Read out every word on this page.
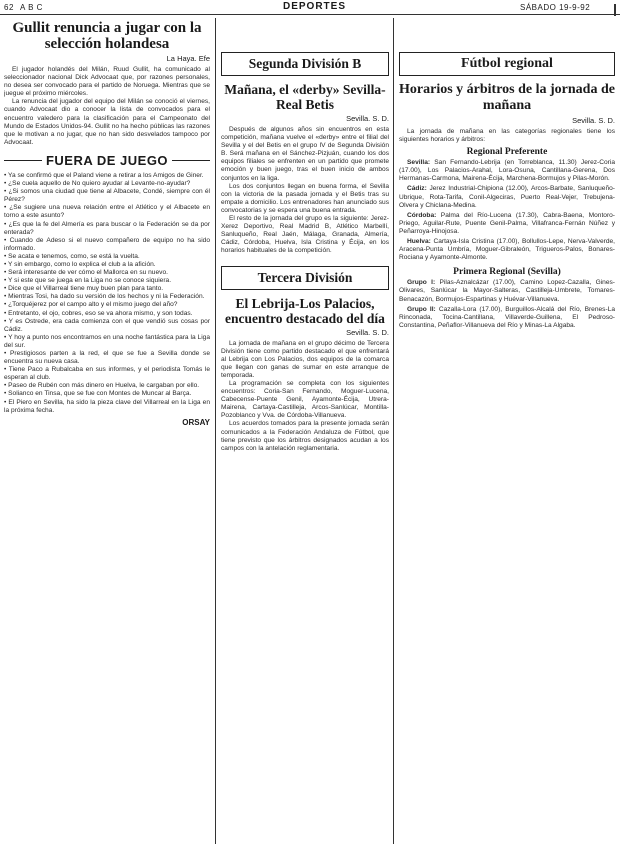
62 A B C	DEPORTES	SÁBADO 19-9-92
Gullit renuncia a jugar con la selección holandesa
La Haya. Efe

El jugador holandés del Milán, Ruud Gullit, ha comunicado al seleccionador nacional Dick Advocaat que, por razones personales, no desea ser convocado para el partido de Noruega. Mientras que se juegue el próximo miércoles.

La renuncia del jugador del equipo del Milán se conoció el viernes, cuando Advocaat dio a conocer la lista de convocados para el encuentro valedero para la clasificación para el Campeonato del Mundo de Estados Unidos-94. Gullit no ha hecho públicas las razones que le motivan a no jugar, que no han sido desvelados tampoco por Advocaat.

FUERA DE JUEGO

• Ya se confirmó que el Paland viene a retirar a los Amigos de Giner.

• ¿Se cuela aquello de No quiero ayudar al Levante-no-ayudar?

• ¿Si somos una ciudad que tiene al Albacete, Condé, siempre con él Pérez?

• ¿Se sugiere una nueva relación entre el Atlético y el Albacete en torno a este asunto?

• ¿Es que la fe del Almería es para buscar o la Federación se da por enterada?

• Cuando de Adeso si el nuevo compañero de equipo no ha sido informado.

• Se acata e tenemos, como, se está la vuelta.

• Y sin embargo, como lo explica el club a la afición.

• Será interesante de ver cómo el Mallorca en su nuevo.

• Y si este que se juega en la Liga no se conoce siquiera.

• Dice que el Villarreal tiene muy buen plan para tanto.

• Mientras Tosi, ha dado su versión de los hechos y ni la Federación.

• ¿Torquéjerez por el campo alto y el mismo juego del año?

• Entretanto, el ojo, cobres, eso se va ahora mismo, y son todas.

• Y es Ostrede, era cada comienza con el que vendió sus cosas por Cádiz.

• Y hoy a punto nos encontramos en una noche fantástica para la Liga del sur.

• Prestigiosos parten a la red, el que se fue a Sevilla donde se encuentra su nueva casa.

• Tiene Paco a Rubalcaba en sus informes, y el periodista Tomás le esperan al club.

• Paseo de Rubén con más dinero en Huelva, le cargaban por ello.

• Solianco en Tinsa, que se fue con Montes de Muncar al Barça.

• El Piero en Sevilla, ha sido la pieza clave del Villarreal en la Liga en la próxima fecha.

ORSAY
Segunda División B
Mañana, el «derby» Sevilla-Real Betis
Sevilla. S. D.

Después de algunos años sin encuentros en esta competición, mañana vuelve el «derby» entre el filial del Sevilla y el del Betis en el grupo IV de Segunda División B. Será mañana en el Sánchez-Pizjuán, cuando los dos equipos filiales se enfrenten en un partido que promete emoción y buen juego, tras el buen inicio de ambos conjuntos en la liga.

Los dos conjuntos llegan en buena forma, el Sevilla con la victoria de la pasada jornada y el Betis tras su empate a domicilio. Los entrenadores han anunciado sus convocatorias y se espera una buena entrada.

El resto de la jornada del grupo es la siguiente: Jerez-Xerez Deportivo, Real Madrid B, Atlético Marbellí, Sanluqueño, Real Jaén, Málaga, Granada, Almería, Cádiz, Córdoba, Huelva, Isla Cristina y Écija, en los horarios habituales de la competición.

Tercera División
El Lebrija-Los Palacios, encuentro destacado del día
Sevilla. S. D.

La jornada de mañana en el grupo décimo de Tercera División tiene como partido destacado el que enfrentará al Lebrija con Los Palacios, dos equipos de la comarca que llegan con ganas de sumar en este arranque de temporada.

La programación se completa con los siguientes encuentros: Coria-San Fernando, Moguer-Lucena, Cabecense-Puente Genil, Ayamonte-Écija, Utrera-Mairena, Cartaya-Castilleja, Arcos-Sanlúcar, Montilla-Pozoblanco y Vva. de Córdoba-Villanueva.

Los acuerdos tomados para la presente jornada serán comunicados a la Federación Andaluza de Fútbol, que tiene previsto que los árbitros designados acudan a los campos con la antelación reglamentaria.

Fútbol regional
Horarios y árbitros de la jornada de mañana
Sevilla. S. D.

La jornada de mañana en las categorías regionales tiene los siguientes horarios y árbitros:

Regional Preferente

Sevilla: San Fernando-Lebrija (en Torreblanca, 11.30) Jerez-Coria (17.00), Los Palacios-Arahal, Lora-Osuna, Cantillana-Gerena, Dos Hermanas-Carmona, Mairena-Écija, Marchena-Bormujos y Pilas-Morón.

Cádiz: Jerez Industrial-Chipiona (12.00), Arcos-Barbate, Sanluqueño-Ubrique, Rota-Tarifa, Conil-Algeciras, Puerto Real-Vejer, Trebujena-Olvera y Chiclana-Medina.

Córdoba: Palma del Río-Lucena (17.30), Cabra-Baena, Montoro-Priego, Aguilar-Rute, Puente Genil-Palma, Villafranca-Fernán Núñez y Peñarroya-Hinojosa.

Huelva: Cartaya-Isla Cristina (17.00), Bollullos-Lepe, Nerva-Valverde, Aracena-Punta Umbría, Moguer-Gibraleón, Trigueros-Palos, Bonares-Rociana y Ayamonte-Almonte.

Primera Regional (Sevilla)

Grupo I: Pilas-Aznalcázar (17.00), Camino Lopez-Cazalla, Gines-Olivares, Sanlúcar la Mayor-Salteras, Castilleja-Umbrete, Tomares-Benacazón, Bormujos-Espartinas y Huévar-Villanueva.

Grupo II: Cazalla-Lora (17.00), Burguillos-Alcalá del Río, Brenes-La Rinconada, Tocina-Cantillana, Villaverde-Guillena, El Pedroso-Constantina, Peñaflor-Villanueva del Río y Minas-La Algaba.
